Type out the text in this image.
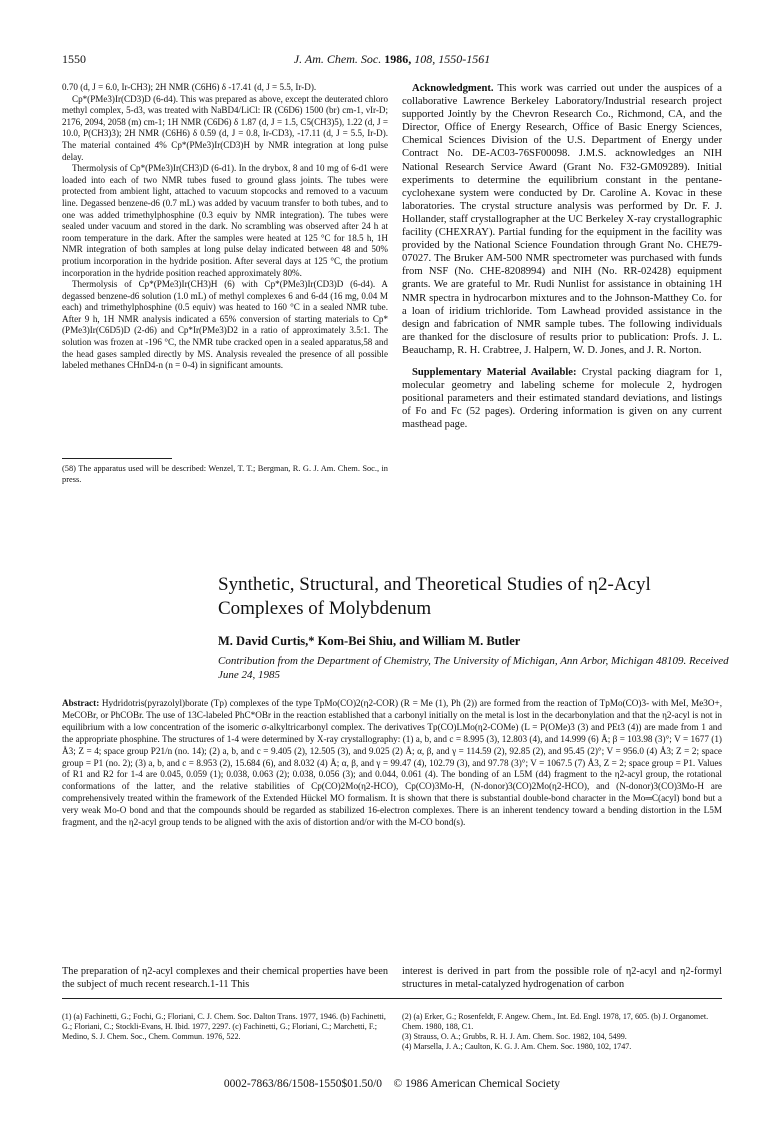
1550	J. Am. Chem. Soc. 1986, 108, 1550-1561

0.70 (d, J = 6.0, Ir-CH3); 2H NMR (C6H6) δ -17.41 (d, J = 5.5, Ir-D).

Cp*(PMe3)Ir(CD3)D (6-d4). This was prepared as above, except the deuterated chloro methyl complex, 5-d3, was treated with NaBD4/LiCl: IR (C6D6) 1500 (br) cm-1, νIr-D; 2176, 2094, 2058 (m) cm-1; 1H NMR (C6D6) δ 1.87 (d, J = 1.5, C5(CH3)5), 1.22 (d, J = 10.0, P(CH3)3); 2H NMR (C6H6) δ 0.59 (d, J = 0.8, Ir-CD3), -17.11 (d, J = 5.5, Ir-D). The material contained 4% Cp*(PMe3)Ir(CD3)H by NMR integration at long pulse delay.

Thermolysis of Cp*(PMe3)Ir(CH3)D (6-d1). In the drybox, 8 and 10 mg of 6-d1 were loaded into each of two NMR tubes fused to ground glass joints. The tubes were protected from ambient light, attached to vacuum stopcocks and removed to a vacuum line. Degassed benzene-d6 (0.7 mL) was added by vacuum transfer to both tubes, and to one was added trimethylphosphine (0.3 equiv by NMR integration). The tubes were sealed under vacuum and stored in the dark. No scrambling was observed after 24 h at room temperature in the dark. After the samples were heated at 125 °C for 18.5 h, 1H NMR integration of both samples at long pulse delay indicated between 48 and 50% protium incorporation in the hydride position. After several days at 125 °C, the protium incorporation in the hydride position reached approximately 80%.

Thermolysis of Cp*(PMe3)Ir(CH3)H (6) with Cp*(PMe3)Ir(CD3)D (6-d4). A degassed benzene-d6 solution (1.0 mL) of methyl complexes 6 and 6-d4 (16 mg, 0.04 M each) and trimethylphosphine (0.5 equiv) was heated to 160 °C in a sealed NMR tube. After 9 h, 1H NMR analysis indicated a 65% conversion of starting materials to Cp*(PMe3)Ir(C6D5)D (2-d6) and Cp*Ir(PMe3)D2 in a ratio of approximately 3.5:1. The solution was frozen at -196 °C, the NMR tube cracked open in a sealed apparatus,58 and the head gases sampled directly by MS. Analysis revealed the presence of all possible labeled methanes CHnD4-n (n = 0-4) in significant amounts.

(58) The apparatus used will be described: Wenzel, T. T.; Bergman, R. G. J. Am. Chem. Soc., in press.

Acknowledgment. This work was carried out under the auspices of a collaborative Lawrence Berkeley Laboratory/Industrial research project supported Jointly by the Chevron Research Co., Richmond, CA, and the Director, Office of Energy Research, Office of Basic Energy Sciences, Chemical Sciences Division of the U.S. Department of Energy under Contract No. DE-AC03-76SF00098. J.M.S. acknowledges an NIH National Research Service Award (Grant No. F32-GM09289). Initial experiments to determine the equilibrium constant in the pentane-cyclohexane system were conducted by Dr. Caroline A. Kovac in these laboratories. The crystal structure analysis was performed by Dr. F. J. Hollander, staff crystallographer at the UC Berkeley X-ray crystallographic facility (CHEXRAY). Partial funding for the equipment in the facility was provided by the National Science Foundation through Grant No. CHE79-07027. The Bruker AM-500 NMR spectrometer was purchased with funds from NSF (No. CHE-8208994) and NIH (No. RR-02428) equipment grants. We are grateful to Mr. Rudi Nunlist for assistance in obtaining 1H NMR spectra in hydrocarbon mixtures and to the Johnson-Matthey Co. for a loan of iridium trichloride. Tom Lawhead provided assistance in the design and fabrication of NMR sample tubes. The following individuals are thanked for the disclosure of results prior to publication: Profs. J. L. Beauchamp, R. H. Crabtree, J. Halpern, W. D. Jones, and J. R. Norton.

Supplementary Material Available: Crystal packing diagram for 1, molecular geometry and labeling scheme for molecule 2, hydrogen positional parameters and their estimated standard deviations, and listings of Fo and Fc (52 pages). Ordering information is given on any current masthead page.

Synthetic, Structural, and Theoretical Studies of η2-Acyl Complexes of Molybdenum
M. David Curtis,* Kom-Bei Shiu, and William M. Butler
Contribution from the Department of Chemistry, The University of Michigan, Ann Arbor, Michigan 48109. Received June 24, 1985
Abstract: Hydridotris(pyrazolyl)borate (Tp) complexes of the type TpMo(CO)2(η2-COR) (R = Me (1), Ph (2)) are formed from the reaction of TpMo(CO)3- with MeI, Me3O+, MeCOBr, or PhCOBr. The use of 13C-labeled PhC*OBr in the reaction established that a carbonyl initially on the metal is lost in the decarbonylation and that the η2-acyl is not in equilibrium with a low concentration of the isomeric σ-alkyltricarbonyl complex. The derivatives Tp(CO)LMo(η2-COMe) (L = P(OMe)3 (3) and PEt3 (4)) are made from 1 and the appropriate phosphine. The structures of 1-4 were determined by X-ray crystallography: (1) a, b, and c = 8.995 (3), 12.803 (4), and 14.999 (6) Å; β = 103.98 (3)°; V = 1677 (1) Å3; Z = 4; space group P21/n (no. 14); (2) a, b, and c = 9.405 (2), 12.505 (3), and 9.025 (2) Å; α, β, and γ = 114.59 (2), 92.85 (2), and 95.45 (2)°; V = 956.0 (4) Å3; Z = 2; space group = P1 (no. 2); (3) a, b, and c = 8.953 (2), 15.684 (6), and 8.032 (4) Å; α, β, and γ = 99.47 (4), 102.79 (3), and 97.78 (3)°; V = 1067.5 (7) Å3, Z = 2; space group = P1. Values of R1 and R2 for 1-4 are 0.045, 0.059 (1); 0.038, 0.063 (2); 0.038, 0.056 (3); and 0.044, 0.061 (4). The bonding of an L5M (d4) fragment to the η2-acyl group, the rotational conformations of the latter, and the relative stabilities of Cp(CO)2Mo(η2-HCO), Cp(CO)3Mo-H, (N-donor)3(CO)2Mo(η2-HCO), and (N-donor)3(CO)3Mo-H are comprehensively treated within the framework of the Extended Hückel MO formalism. It is shown that there is substantial double-bond character in the Mo═C(acyl) bond but a very weak Mo-O bond and that the compounds should be regarded as stabilized 16-electron complexes. There is an inherent tendency toward a bending distortion in the L5M fragment, and the η2-acyl group tends to be aligned with the axis of distortion and/or with the M-CO bond(s).
The preparation of η2-acyl complexes and their chemical properties have been the subject of much recent research.1-11 This
interest is derived in part from the possible role of η2-acyl and η2-formyl structures in metal-catalyzed hydrogenation of carbon
(1) (a) Fachinetti, G.; Fochi, G.; Floriani, C. J. Chem. Soc. Dalton Trans. 1977, 1946. (b) Fachinetti, G.; Floriani, C.; Stockli-Evans, H. Ibid. 1977, 2297. (c) Fachinetti, G.; Floriani, C.; Marchetti, F.; Medino, S. J. Chem. Soc., Chem. Commun. 1976, 522.
(2) (a) Erker, G.; Rosenfeldt, F. Angew. Chem., Int. Ed. Engl. 1978, 17, 605. (b) J. Organomet. Chem. 1980, 188, C1.
(3) Strauss, O. A.; Grubbs, R. H. J. Am. Chem. Soc. 1982, 104, 5499.
(4) Marsella, J. A.; Caulton, K. G. J. Am. Chem. Soc. 1980, 102, 1747.
0002-7863/86/1508-1550$01.50/0 © 1986 American Chemical Society
